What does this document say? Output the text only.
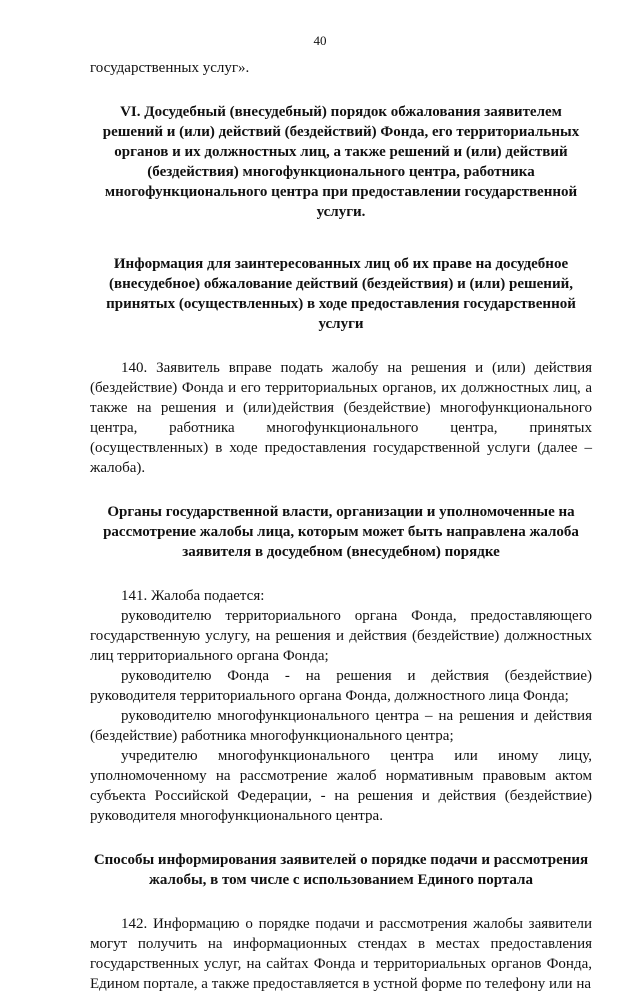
40

государственных услуг».

VI. Досудебный (внесудебный) порядок обжалования заявителем решений и (или) действий (бездействий) Фонда, его территориальных органов и их должностных лиц, а также решений и (или) действий (бездействия) многофункционального центра, работника многофункционального центра при предоставлении государственной услуги.

Информация для заинтересованных лиц об их праве на досудебное (внесудебное) обжалование действий (бездействия) и (или) решений, принятых (осуществленных) в ходе предоставления государственной услуги

140. Заявитель вправе подать жалобу на решения и (или) действия (бездействие) Фонда и его территориальных органов, их должностных лиц, а также на решения и (или)действия (бездействие) многофункционального центра, работника многофункционального центра, принятых (осуществленных) в ходе предоставления государственной услуги (далее – жалоба).

Органы государственной власти, организации и уполномоченные на рассмотрение жалобы лица, которым может быть направлена жалоба заявителя в досудебном (внесудебном) порядке

141. Жалоба подается:

руководителю территориального органа Фонда, предоставляющего государственную услугу, на решения и действия (бездействие) должностных лиц территориального органа Фонда;

руководителю Фонда - на решения и действия (бездействие) руководителя территориального органа Фонда, должностного лица Фонда;

руководителю многофункционального центра – на решения и действия (бездействие) работника многофункционального центра;

учредителю многофункционального центра или иному лицу, уполномоченному на рассмотрение жалоб нормативным правовым актом субъекта Российской Федерации, - на решения и действия (бездействие) руководителя многофункционального центра.

Способы информирования заявителей о порядке подачи и рассмотрения жалобы, в том числе с использованием Единого портала

142. Информацию о порядке подачи и рассмотрения жалобы заявители могут получить на информационных стендах в местах предоставления государственных услуг, на сайтах Фонда и территориальных органов Фонда, Едином портале, а также предоставляется в устной форме по телефону или на
